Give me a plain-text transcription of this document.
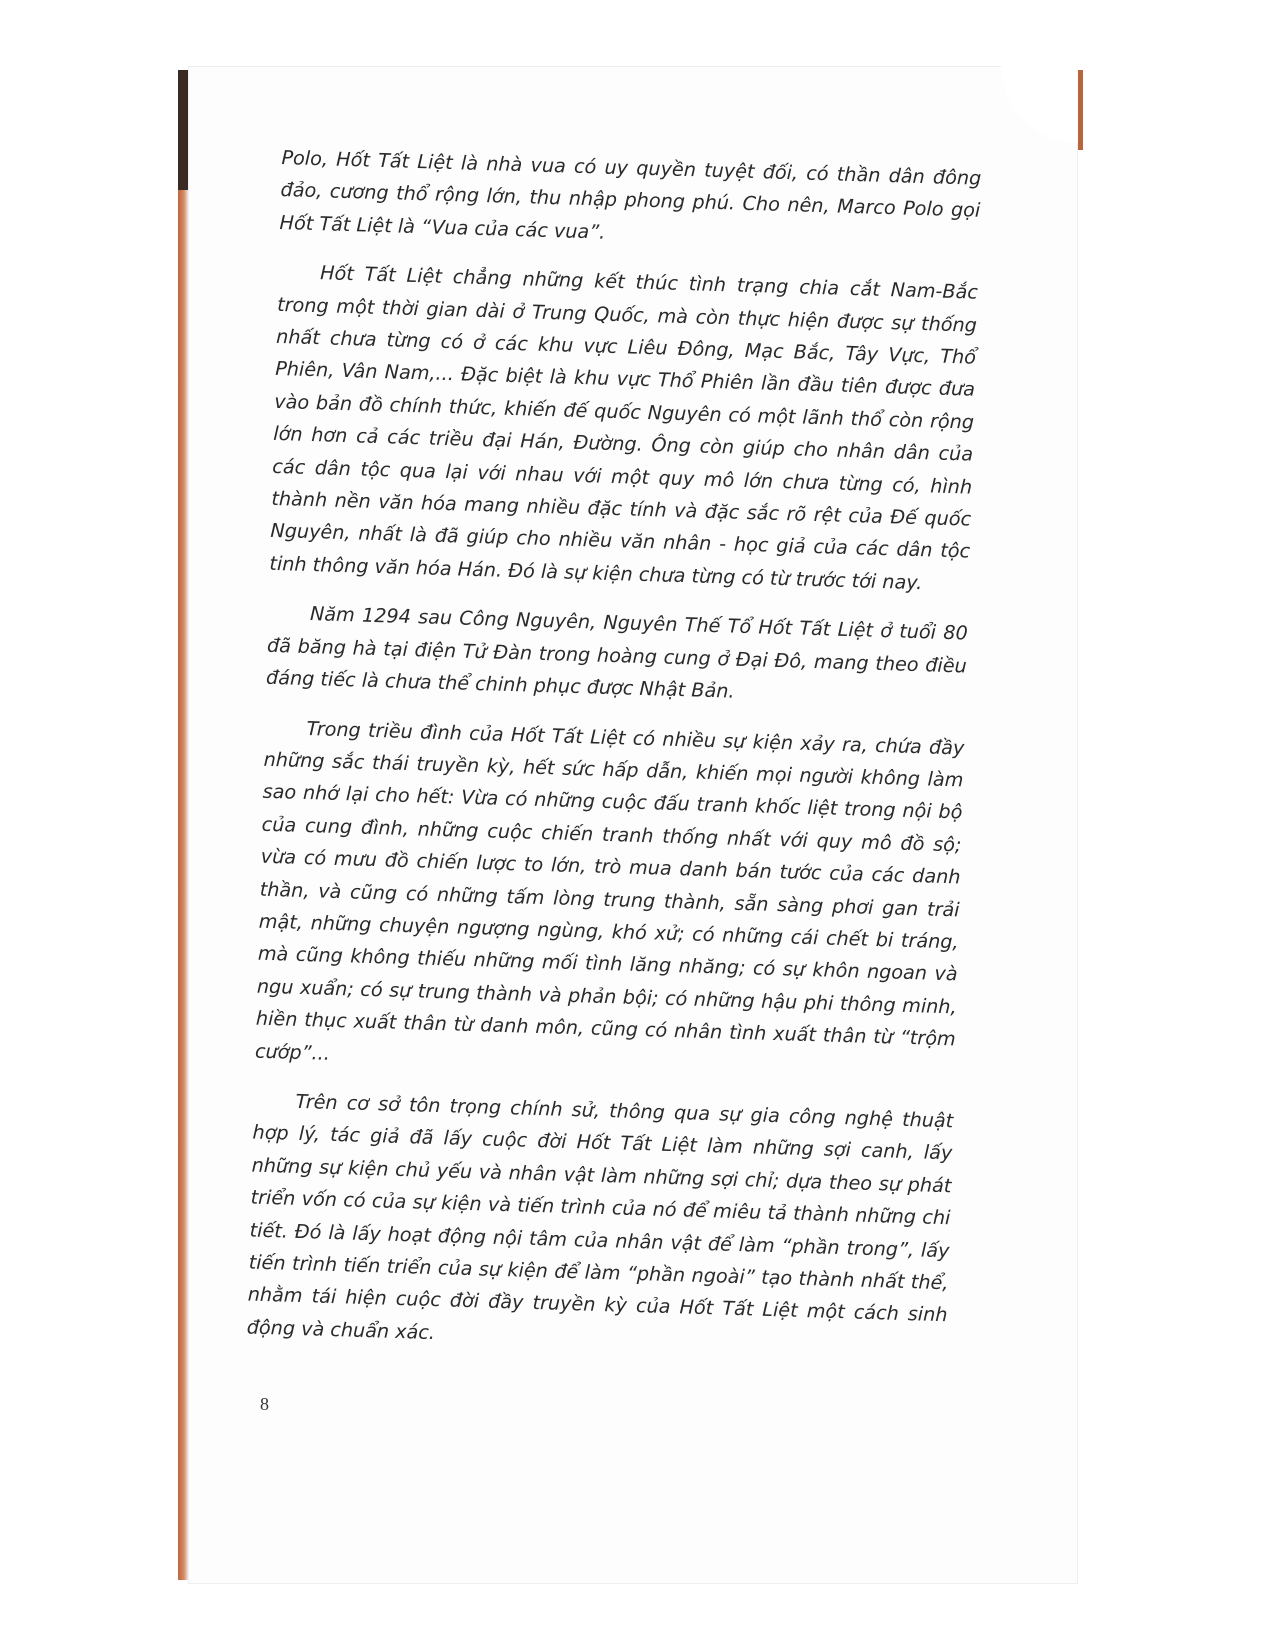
Polo, Hốt Tất Liệt là nhà vua có uy quyền tuyệt đối, có thần dân đông đảo, cương thổ rộng lớn, thu nhập phong phú. Cho nên, Marco Polo gọi Hốt Tất Liệt là “Vua của các vua”.

Hốt Tất Liệt chẳng những kết thúc tình trạng chia cắt Nam-Bắc trong một thời gian dài ở Trung Quốc, mà còn thực hiện được sự thống nhất chưa từng có ở các khu vực Liêu Đông, Mạc Bắc, Tây Vực, Thổ Phiên, Vân Nam,... Đặc biệt là khu vực Thổ Phiên lần đầu tiên được đưa vào bản đồ chính thức, khiến đế quốc Nguyên có một lãnh thổ còn rộng lớn hơn cả các triều đại Hán, Đường. Ông còn giúp cho nhân dân của các dân tộc qua lại với nhau với một quy mô lớn chưa từng có, hình thành nền văn hóa mang nhiều đặc tính và đặc sắc rõ rệt của Đế quốc Nguyên, nhất là đã giúp cho nhiều văn nhân - học giả của các dân tộc tinh thông văn hóa Hán. Đó là sự kiện chưa từng có từ trước tới nay.

Năm 1294 sau Công Nguyên, Nguyên Thế Tổ Hốt Tất Liệt ở tuổi 80 đã băng hà tại điện Tử Đàn trong hoàng cung ở Đại Đô, mang theo điều đáng tiếc là chưa thể chinh phục được Nhật Bản.

Trong triều đình của Hốt Tất Liệt có nhiều sự kiện xảy ra, chứa đầy những sắc thái truyền kỳ, hết sức hấp dẫn, khiến mọi người không làm sao nhớ lại cho hết: Vừa có những cuộc đấu tranh khốc liệt trong nội bộ của cung đình, những cuộc chiến tranh thống nhất với quy mô đồ sộ; vừa có mưu đồ chiến lược to lớn, trò mua danh bán tước của các danh thần, và cũng có những tấm lòng trung thành, sẵn sàng phơi gan trải mật, những chuyện ngượng ngùng, khó xử; có những cái chết bi tráng, mà cũng không thiếu những mối tình lăng nhăng; có sự khôn ngoan và ngu xuẩn; có sự trung thành và phản bội; có những hậu phi thông minh, hiền thục xuất thân từ danh môn, cũng có nhân tình xuất thân từ “trộm cướp”...

Trên cơ sở tôn trọng chính sử, thông qua sự gia công nghệ thuật hợp lý, tác giả đã lấy cuộc đời Hốt Tất Liệt làm những sợi canh, lấy những sự kiện chủ yếu và nhân vật làm những sợi chỉ; dựa theo sự phát triển vốn có của sự kiện và tiến trình của nó để miêu tả thành những chi tiết. Đó là lấy hoạt động nội tâm của nhân vật để làm “phần trong”, lấy tiến trình tiến triển của sự kiện để làm “phần ngoài” tạo thành nhất thể, nhằm tái hiện cuộc đời đầy truyền kỳ của Hốt Tất Liệt một cách sinh động và chuẩn xác.

8
